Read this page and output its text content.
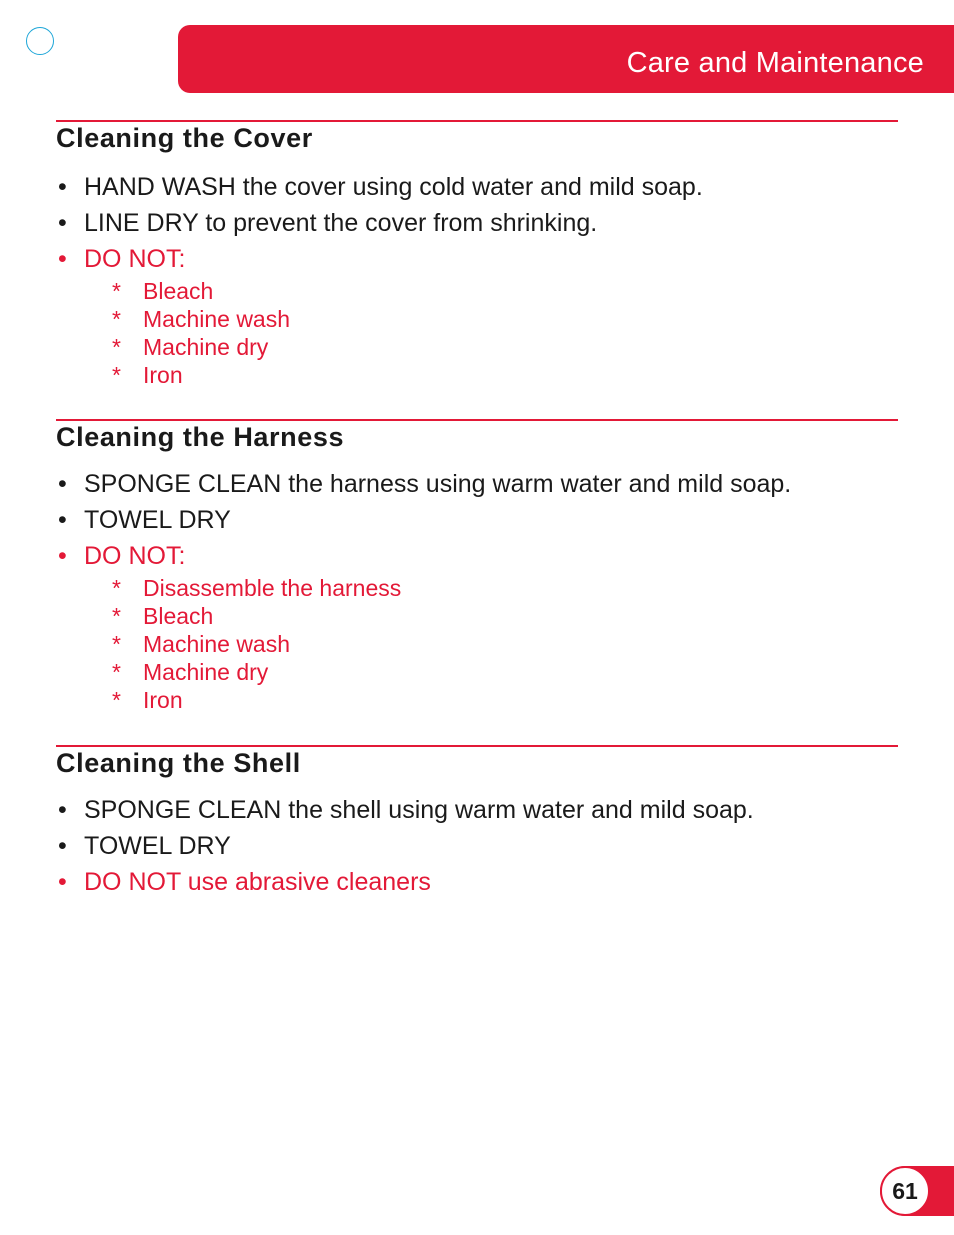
Care and Maintenance
Cleaning the Cover
• HAND WASH the cover using cold water and mild soap.
• LINE DRY to prevent the cover from shrinking.
• DO NOT:
* Bleach
* Machine wash
* Machine dry
* Iron
Cleaning the Harness
• SPONGE CLEAN the harness using warm water and mild soap.
• TOWEL DRY
• DO NOT:
* Disassemble the harness
* Bleach
* Machine wash
* Machine dry
* Iron
Cleaning the Shell
• SPONGE CLEAN the shell using warm water and mild soap.
• TOWEL DRY
• DO NOT use abrasive cleaners
61
